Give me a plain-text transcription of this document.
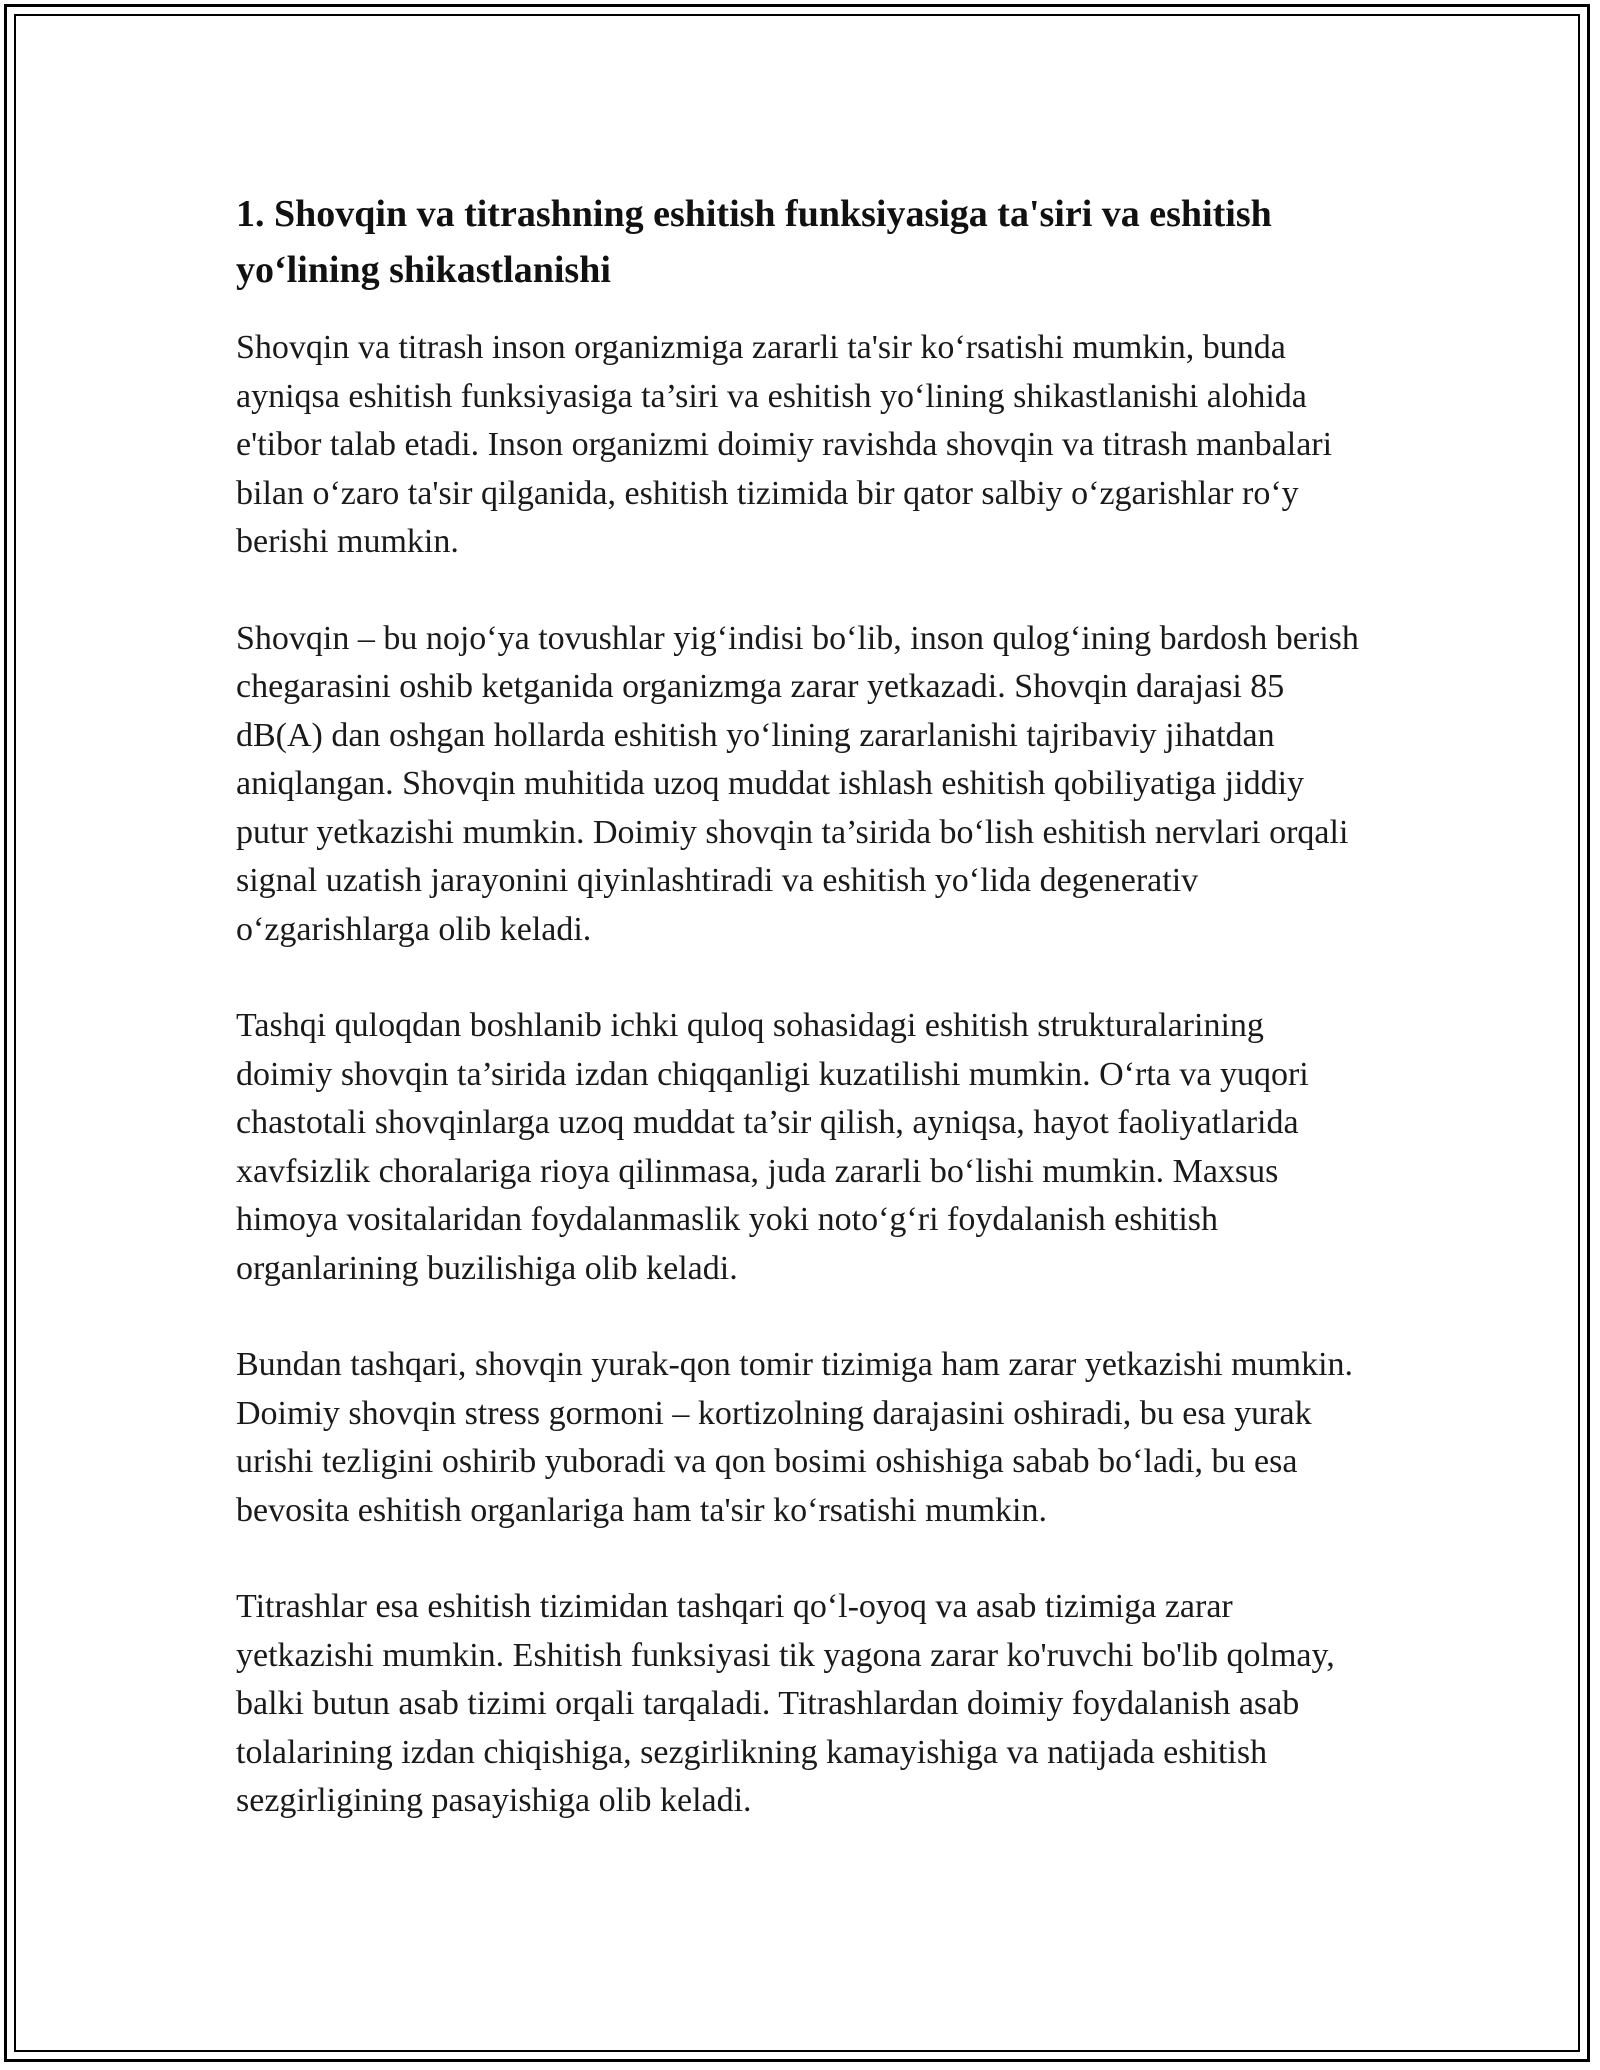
1. Shovqin va titrashning eshitish funksiyasiga ta'siri va eshitish yo‘lining shikastlanishi

Shovqin va titrash inson organizmiga zararli ta'sir ko‘rsatishi mumkin, bunda ayniqsa eshitish funksiyasiga ta’siri va eshitish yo‘lining shikastlanishi alohida e'tibor talab etadi. Inson organizmi doimiy ravishda shovqin va titrash manbalari bilan o‘zaro ta'sir qilganida, eshitish tizimida bir qator salbiy o‘zgarishlar ro‘y berishi mumkin.

Shovqin – bu nojo‘ya tovushlar yig‘indisi bo‘lib, inson qulog‘ining bardosh berish chegarasini oshib ketganida organizmga zarar yetkazadi. Shovqin darajasi 85 dB(A) dan oshgan hollarda eshitish yo‘lining zararlanishi tajribaviy jihatdan aniqlangan. Shovqin muhitida uzoq muddat ishlash eshitish qobiliyatiga jiddiy putur yetkazishi mumkin. Doimiy shovqin ta’sirida bo‘lish eshitish nervlari orqali signal uzatish jarayonini qiyinlashtiradi va eshitish yo‘lida degenerativ o‘zgarishlarga olib keladi.

Tashqi quloqdan boshlanib ichki quloq sohasidagi eshitish strukturalarining doimiy shovqin ta’sirida izdan chiqqanligi kuzatilishi mumkin. O‘rta va yuqori chastotali shovqinlarga uzoq muddat ta’sir qilish, ayniqsa, hayot faoliyatlarida xavfsizlik choralariga rioya qilinmasa, juda zararli bo‘lishi mumkin. Maxsus himoya vositalaridan foydalanmaslik yoki noto‘g‘ri foydalanish eshitish organlarining buzilishiga olib keladi.

Bundan tashqari, shovqin yurak-qon tomir tizimiga ham zarar yetkazishi mumkin. Doimiy shovqin stress gormoni – kortizolning darajasini oshiradi, bu esa yurak urishi tezligini oshirib yuboradi va qon bosimi oshishiga sabab bo‘ladi, bu esa bevosita eshitish organlariga ham ta'sir ko‘rsatishi mumkin.

Titrashlar esa eshitish tizimidan tashqari qo‘l-oyoq va asab tizimiga zarar yetkazishi mumkin. Eshitish funksiyasi tik yagona zarar ko'ruvchi bo'lib qolmay, balki butun asab tizimi orqali tarqaladi. Titrashlardan doimiy foydalanish asab tolalarining izdan chiqishiga, sezgirlikning kamayishiga va natijada eshitish sezgirligining pasayishiga olib keladi.
